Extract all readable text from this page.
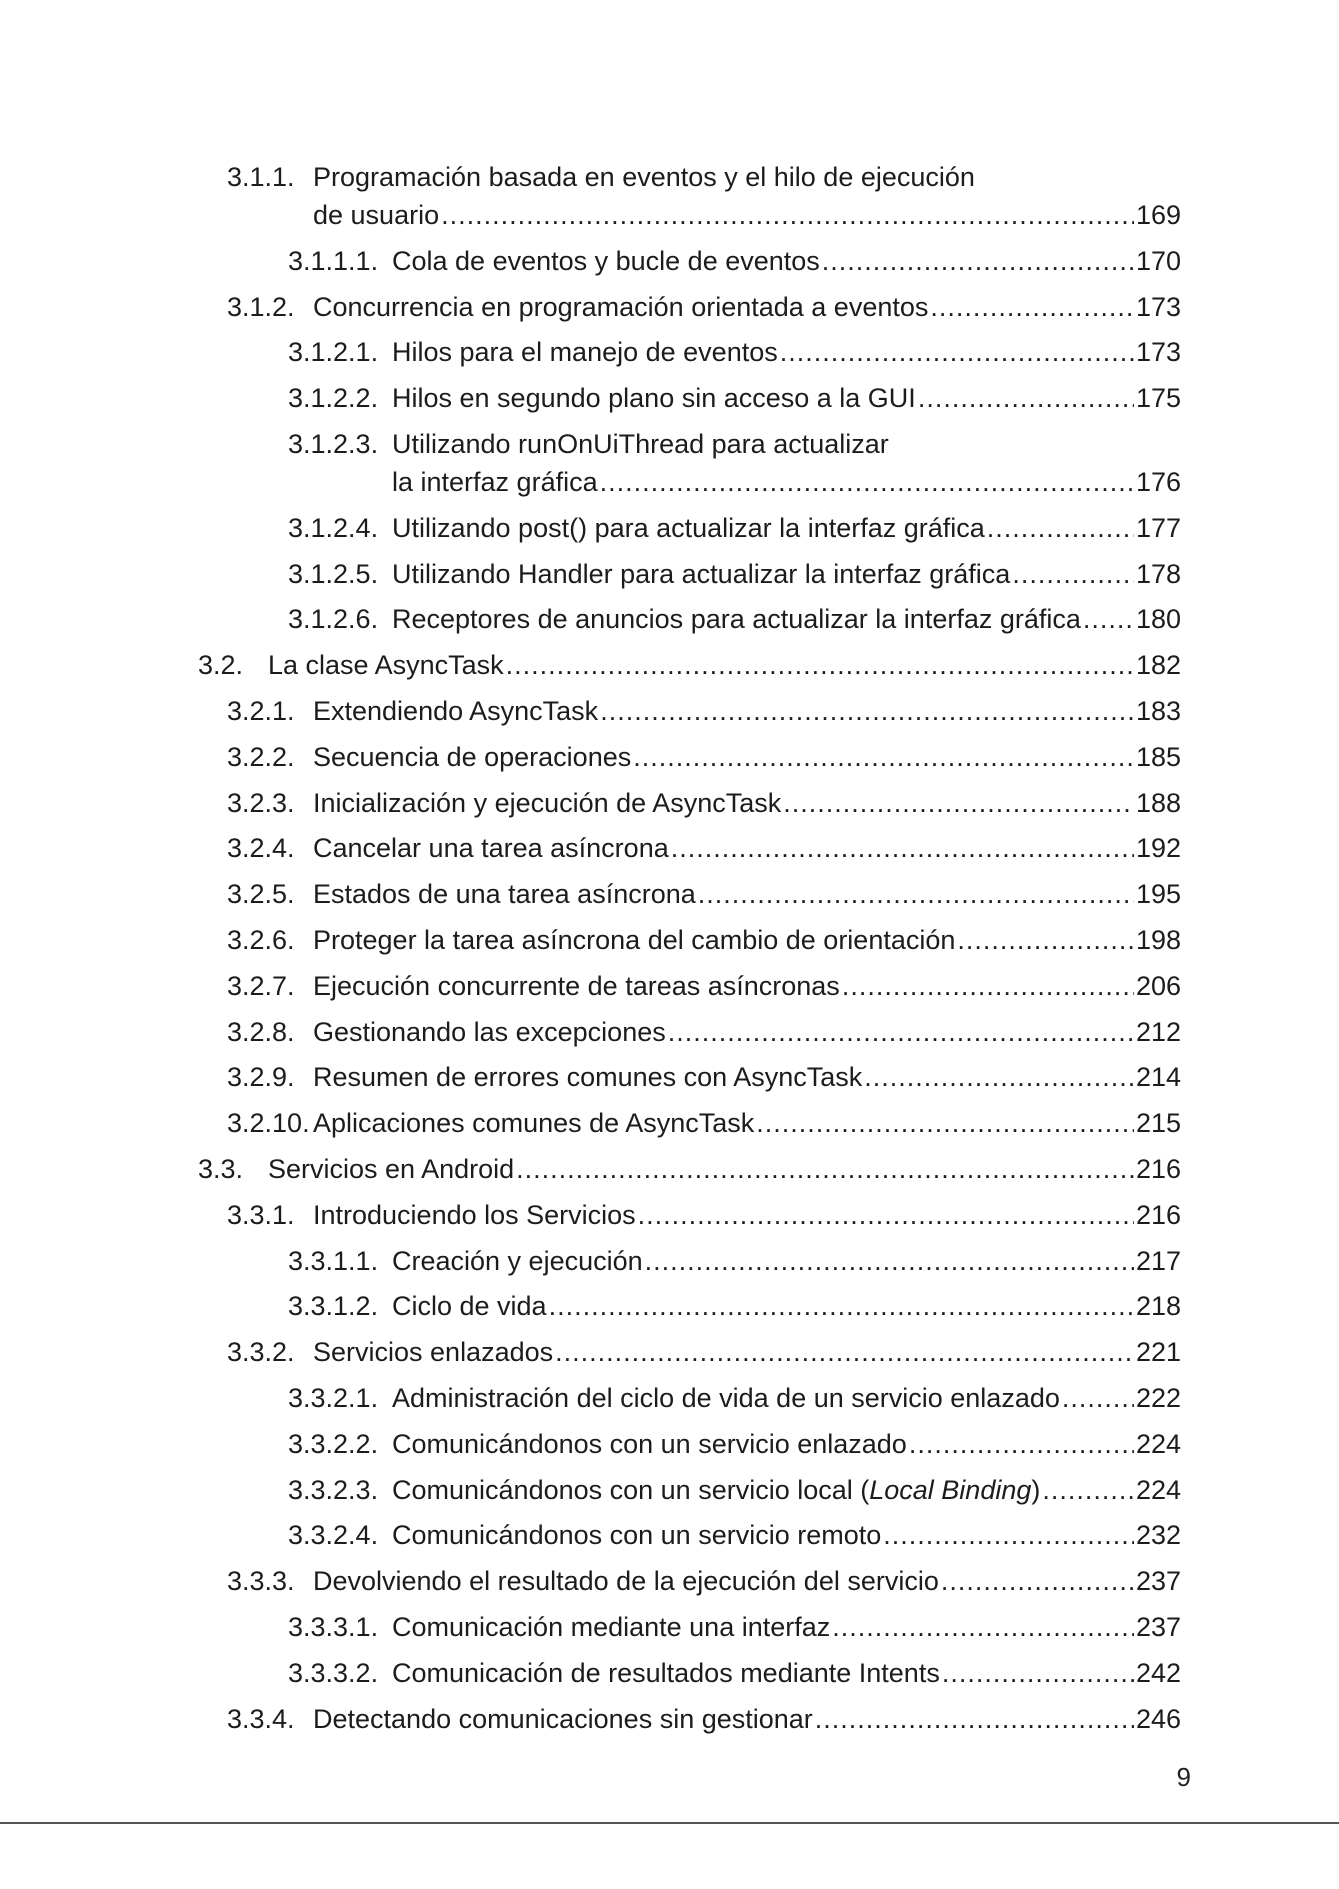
3.1.1. Programación basada en eventos y el hilo de ejecución
de usuario .....	169
3.1.1.1. Cola de eventos y bucle de eventos .....	170
3.1.2. Concurrencia en programación orientada a eventos .....	173
3.1.2.1. Hilos para el manejo de eventos .....	173
3.1.2.2. Hilos en segundo plano sin acceso a la GUI .....	175
3.1.2.3. Utilizando runOnUiThread para actualizar
la interfaz gráfica .....	176
3.1.2.4. Utilizando post() para actualizar la interfaz gráfica .....	177
3.1.2.5. Utilizando Handler para actualizar la interfaz gráfica .....	178
3.1.2.6. Receptores de anuncios para actualizar la interfaz gráfica ..... 180
3.2. La clase AsyncTask .....	182
3.2.1. Extendiendo AsyncTask .....	183
3.2.2. Secuencia de operaciones .....	185
3.2.3. Inicialización y ejecución de AsyncTask .....	188
3.2.4. Cancelar una tarea asíncrona .....	192
3.2.5. Estados de una tarea asíncrona .....	195
3.2.6. Proteger la tarea asíncrona del cambio de orientación .....	198
3.2.7. Ejecución concurrente de tareas asíncronas .....	206
3.2.8. Gestionando las excepciones .....	212
3.2.9. Resumen de errores comunes con AsyncTask .....	214
3.2.10. Aplicaciones comunes de AsyncTask .....	215
3.3. Servicios en Android .....	216
3.3.1. Introduciendo los Servicios .....	216
3.3.1.1. Creación y ejecución .....	217
3.3.1.2. Ciclo de vida .....	218
3.3.2. Servicios enlazados .....	221
3.3.2.1. Administración del ciclo de vida de un servicio enlazado .....	222
3.3.2.2. Comunicándonos con un servicio enlazado .....	224
3.3.2.3. Comunicándonos con un servicio local (Local Binding) .....	224
3.3.2.4. Comunicándonos con un servicio remoto .....	232
3.3.3. Devolviendo el resultado de la ejecución del servicio .....	237
3.3.3.1. Comunicación mediante una interfaz .....	237
3.3.3.2. Comunicación de resultados mediante Intents .....	242
3.3.4. Detectando comunicaciones sin gestionar .....	246
9
